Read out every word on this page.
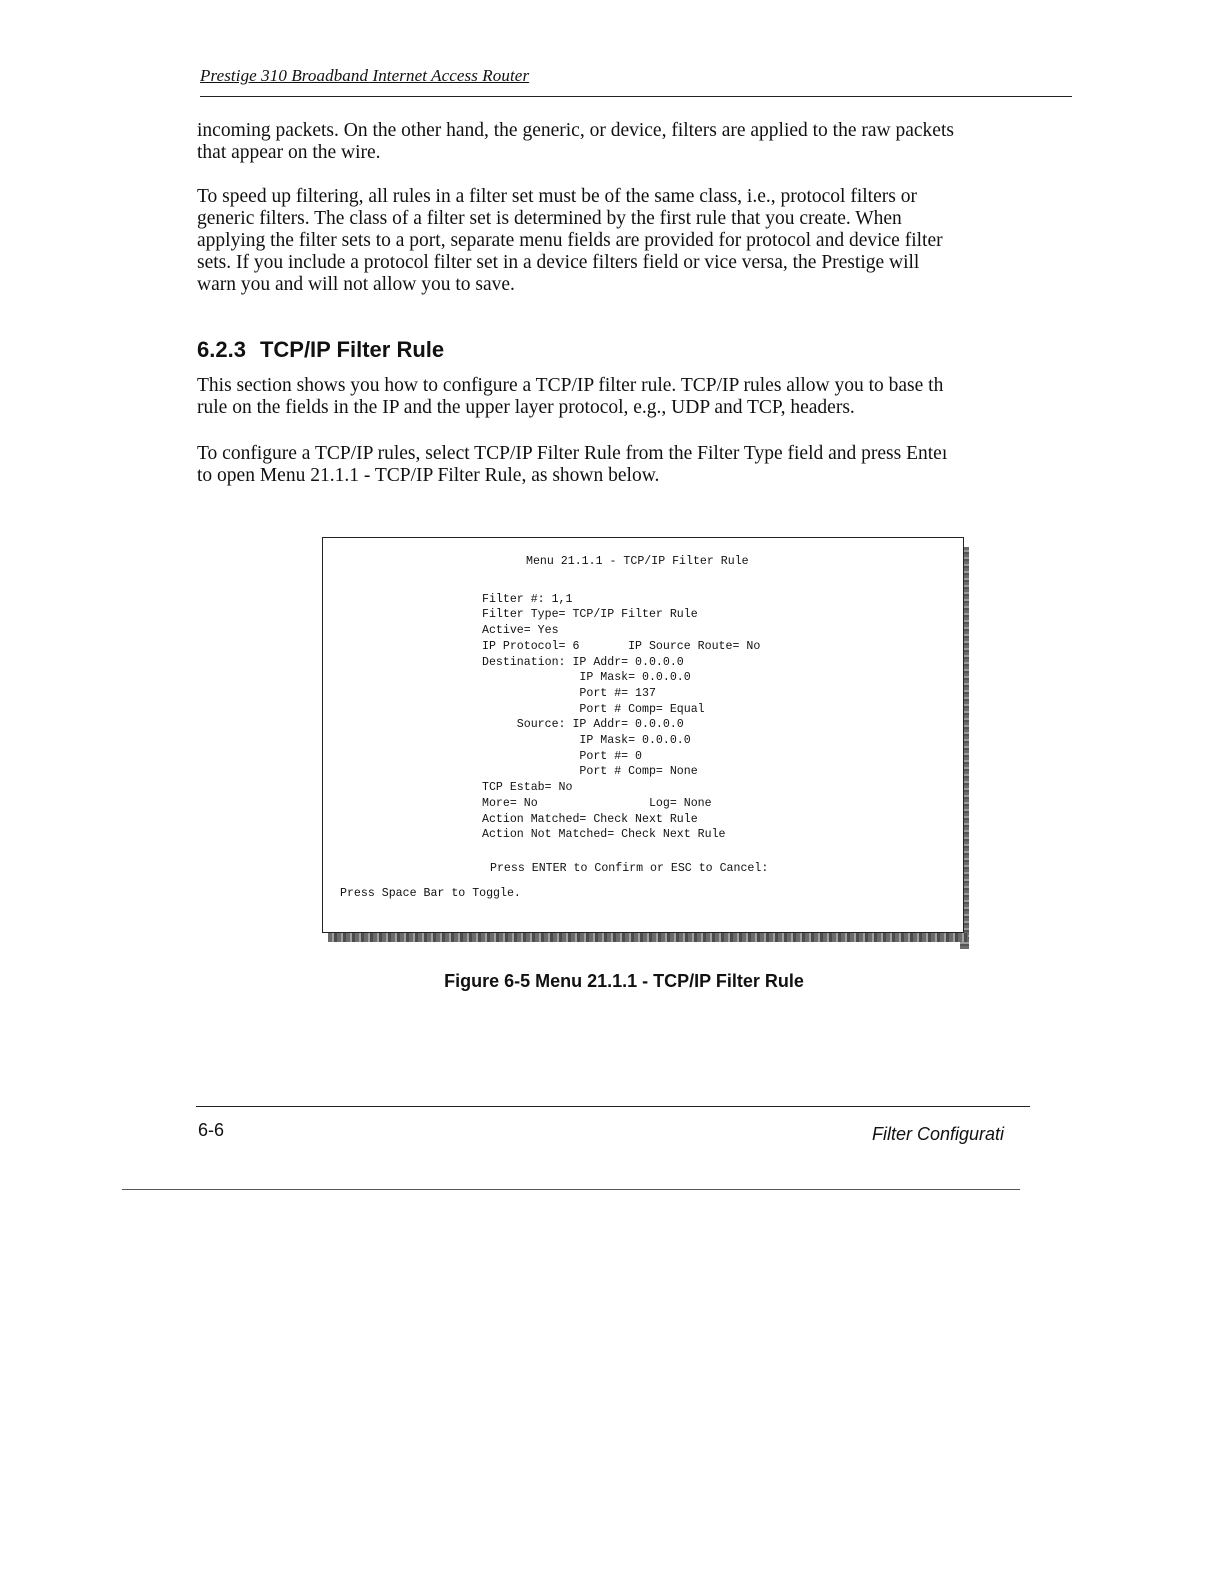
Prestige 310 Broadband Internet Access Router

incoming packets. On the other hand, the generic, or device, filters are applied to the raw packets
that appear on the wire.

To speed up filtering, all rules in a filter set must be of the same class, i.e., protocol filters or
generic filters. The class of a filter set is determined by the first rule that you create. When
applying the filter sets to a port, separate menu fields are provided for protocol and device filter
sets. If you include a protocol filter set in a device filters field or vice versa, the Prestige will
warn you and will not allow you to save.

6.2.3 TCP/IP Filter Rule

This section shows you how to configure a TCP/IP filter rule. TCP/IP rules allow you to base th
rule on the fields in the IP and the upper layer protocol, e.g., UDP and TCP, headers.

To configure a TCP/IP rules, select TCP/IP Filter Rule from the Filter Type field and press Enteı
to open Menu 21.1.1 - TCP/IP Filter Rule, as shown below.

Menu 21.1.1 - TCP/IP Filter Rule

Filter #: 1,1
Filter Type= TCP/IP Filter Rule
Active= Yes
IP Protocol= 6       IP Source Route= No
Destination: IP Addr= 0.0.0.0
IP Mask= 0.0.0.0
Port #= 137
Port # Comp= Equal
Source: IP Addr= 0.0.0.0
IP Mask= 0.0.0.0
Port #= 0
Port # Comp= None
TCP Estab= No
More= No                Log= None
Action Matched= Check Next Rule
Action Not Matched= Check Next Rule

Press ENTER to Confirm or ESC to Cancel:
Press Space Bar to Toggle.

Figure 6-5 Menu 21.1.1 - TCP/IP Filter Rule

6-6	Filter Configurati
